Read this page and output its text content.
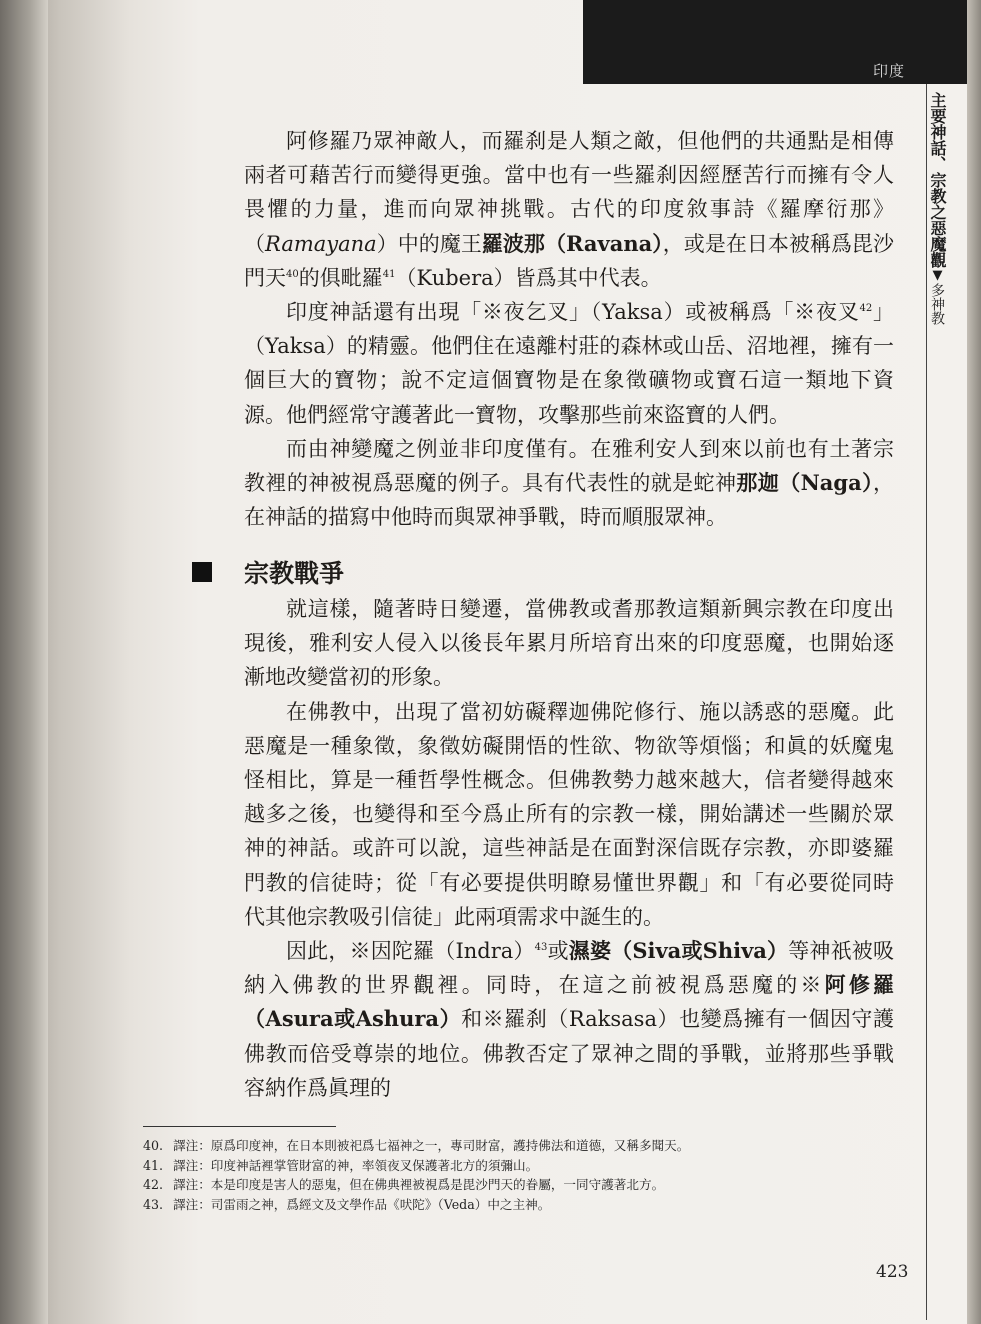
印度
主要神話、宗教之惡魔觀▼多神教

阿修羅乃眾神敵人，而羅刹是人類之敵，但他們的共通點是相傳兩者可藉苦行而變得更強。當中也有一些羅刹因經歷苦行而擁有令人畏懼的力量，進而向眾神挑戰。古代的印度敘事詩《羅摩衍那》（Ramayana）中的魔王羅波那（Ravana），或是在日本被稱爲毘沙門天$^{40}$的俱毗羅$^{41}$（Kubera）皆爲其中代表。

印度神話還有出現「※夜乞叉」（Yaksa）或被稱爲「※夜叉$^{42}$」（Yaksa）的精靈。他們住在遠離村莊的森林或山岳、沼地裡，擁有一個巨大的寶物；說不定這個寶物是在象徵礦物或寶石這一類地下資源。他們經常守護著此一寶物，攻擊那些前來盜寶的人們。

而由神變魔之例並非印度僅有。在雅利安人到來以前也有土著宗教裡的神被視爲惡魔的例子。具有代表性的就是蛇神那迦（Naga），在神話的描寫中他時而與眾神爭戰，時而順服眾神。

宗教戰爭

就這樣，隨著時日變遷，當佛教或耆那教這類新興宗教在印度出現後，雅利安人侵入以後長年累月所培育出來的印度惡魔，也開始逐漸地改變當初的形象。

在佛教中，出現了當初妨礙釋迦佛陀修行、施以誘惑的惡魔。此惡魔是一種象徵，象徵妨礙開悟的性欲、物欲等煩惱；和眞的妖魔鬼怪相比，算是一種哲學性概念。但佛教勢力越來越大，信者變得越來越多之後，也變得和至今爲止所有的宗教一樣，開始講述一些關於眾神的神話。或許可以說，這些神話是在面對深信既存宗教，亦即婆羅門教的信徒時；從「有必要提供明瞭易懂世界觀」和「有必要從同時代其他宗教吸引信徒」此兩項需求中誕生的。

因此，※因陀羅（Indra）$^{43}$或濕婆（Siva或Shiva）等神祇被吸納入佛教的世界觀裡。同時，在這之前被視爲惡魔的※阿修羅（Asura或Ashura）和※羅刹（Raksasa）也變爲擁有一個因守護佛教而倍受尊崇的地位。佛教否定了眾神之間的爭戰，並將那些爭戰容納作爲眞理的

40. 譯注：原爲印度神，在日本則被祀爲七福神之一，專司財富，護持佛法和道德，又稱多聞天。
41. 譯注：印度神話裡掌管財富的神，率領夜叉保護著北方的須彌山。
42. 譯注：本是印度是害人的惡鬼，但在佛典裡被視爲是毘沙門天的眷屬，一同守護著北方。
43. 譯注：司雷雨之神，爲經文及文學作品《吠陀》（Veda）中之主神。
423
